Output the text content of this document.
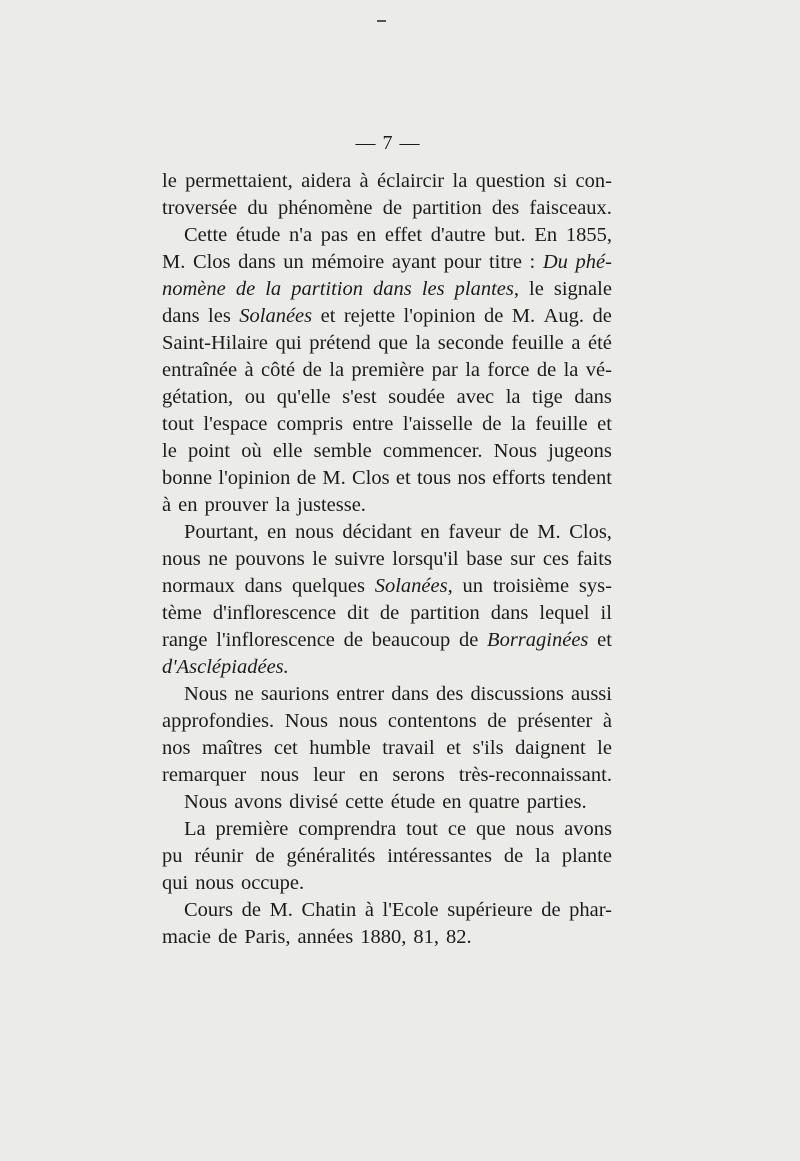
— 7 —
le permettaient, aidera à éclaircir la question si con-
troversée du phénomène de partition des faisceaux.
Cette étude n'a pas en effet d'autre but. En 1855,
M. Clos dans un mémoire ayant pour titre : Du phé-
nomène de la partition dans les plantes, le signale
dans les Solanées et rejette l'opinion de M. Aug. de
Saint-Hilaire qui prétend que la seconde feuille a été
entraînée à côté de la première par la force de la vé-
gétation, ou qu'elle s'est soudée avec la tige dans
tout l'espace compris entre l'aisselle de la feuille et
le point où elle semble commencer. Nous jugeons
bonne l'opinion de M. Clos et tous nos efforts tendent
à en prouver la justesse.
Pourtant, en nous décidant en faveur de M. Clos,
nous ne pouvons le suivre lorsqu'il base sur ces faits
normaux dans quelques Solanées, un troisième sys-
tème d'inflorescence dit de partition dans lequel il
range l'inflorescence de beaucoup de Borraginées et
d'Asclépiadées.
Nous ne saurions entrer dans des discussions aussi
approfondies. Nous nous contentons de présenter à
nos maîtres cet humble travail et s'ils daignent le
remarquer nous leur en serons très-reconnaissant.
Nous avons divisé cette étude en quatre parties.
La première comprendra tout ce que nous avons
pu réunir de généralités intéressantes de la plante
qui nous occupe.
Cours de M. Chatin à l'Ecole supérieure de phar-
macie de Paris, années 1880, 81, 82.
